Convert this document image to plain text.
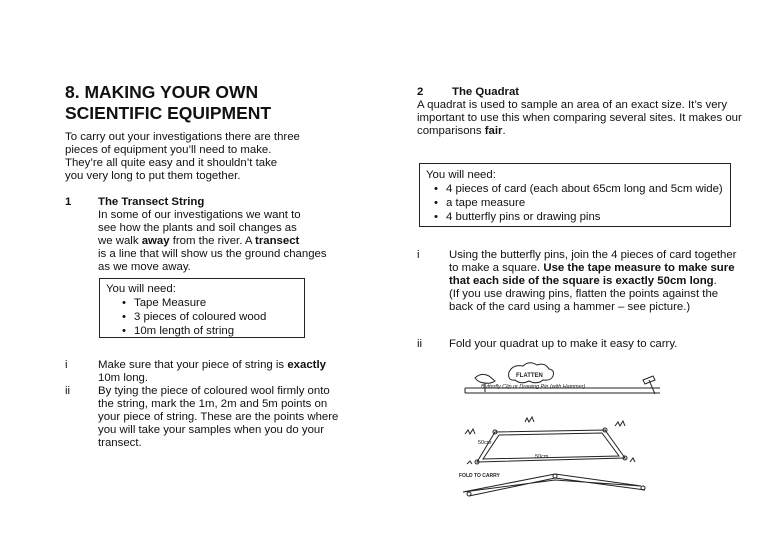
8. MAKING YOUR OWN
SCIENTIFIC EQUIPMENT
To carry out your investigations there are three
pieces of equipment you’ll need to make.
They’re all quite easy and it shouldn’t take
you very long to put them together.
1 The Transect String
In some of our investigations we want to
see how the plants and soil changes as
we walk away from the river. A transect
is a line that will show us the ground changes
as we move away.
You will need:
• Tape Measure
• 3 pieces of coloured wood
• 10m length of string
i	Make sure that your piece of string is exactly
10m long.
ii By tying the piece of coloured wool firmly onto
the string, mark the 1m, 2m and 5m points on
your piece of string. These are the points where
you will take your samples when you do your
transect.
2	The Quadrat
A quadrat is used to sample an area of an exact size. It’s very
important to use this when comparing several sites. It makes our
comparisons fair.
You will need:
• 4 pieces of card (each about 65cm long and 5cm wide)
• a tape measure
• 4 butterfly pins or drawing pins
i	Using the butterfly pins, join the 4 pieces of card together
to make a square. Use the tape measure to make sure
that each side of the square is exactly 50cm long.
(If you use drawing pins, flatten the points against the
back of the card using a hammer – see picture.)
ii Fold your quadrat up to make it easy to carry.
FLATTEN
Butterfly Clip or Drawing Pin (with Hammer)
50cm
50cm
FOLD TO CARRY
